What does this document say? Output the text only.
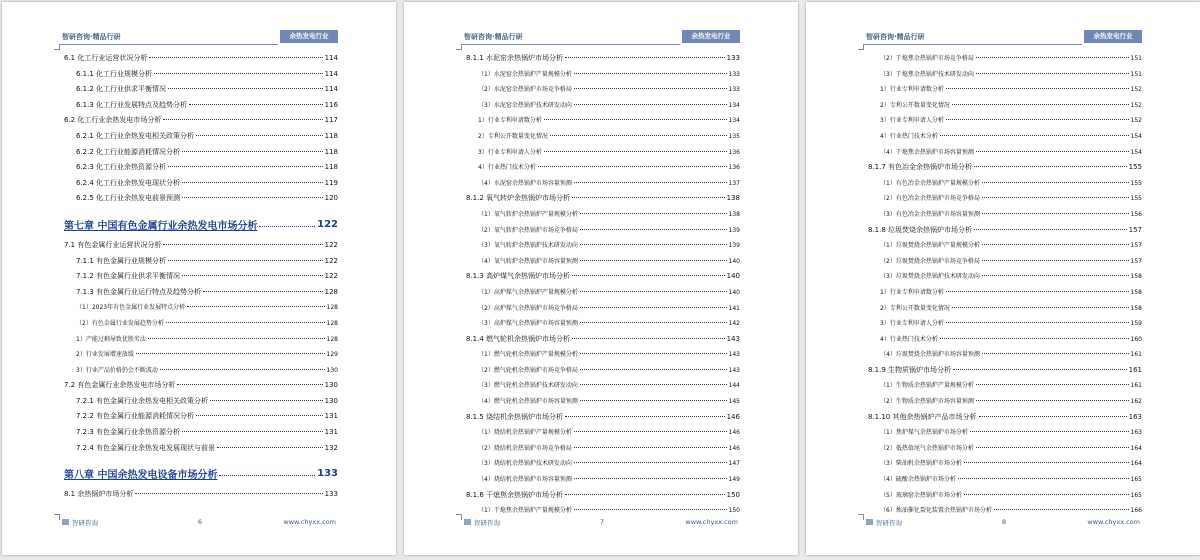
智研咨询·精品行研	余热发电行业
6.1 化工行业运营状况分析	114
6.1.1 化工行业规模分析	114
6.1.2 化工行业供求平衡情况	114
6.1.3 化工行业发展特点及趋势分析	116
6.2 化工行业余热发电市场分析	117
6.2.1 化工行业余热发电相关政策分析	118
6.2.2 化工行业能源消耗情况分析	118
6.2.3 化工行业余热资源分析	118
6.2.4 化工行业余热发电现状分析	119
6.2.5 化工行业余热发电前景预测	120
第七章 中国有色金属行业余热发电市场分析	122
7.1 有色金属行业运营状况分析	122
7.1.1 有色金属行业规模分析	122
7.1.2 有色金属行业供求平衡情况	122
7.1.3 有色金属行业运行特点及趋势分析	128
（1）2023年有色金属行业发展特点分析	128
（2）有色金属行业发展趋势分析	128
1）产能过剩导致优胜劣汰	128
2）行业发展增速放缓	129
3）行业产品价格仍会不断波动	130
7.2 有色金属行业余热发电市场分析	130
7.2.1 有色金属行业余热发电相关政策分析	130
7.2.2 有色金属行业能源消耗情况分析	131
7.2.3 有色金属行业余热资源分析	131
7.2.4 有色金属行业余热发电发展现状与前景	132
第八章 中国余热发电设备市场分析	133
8.1 余热锅炉市场分析	133
智研咨询	6	www.chyxx.com
智研咨询·精品行研	余热发电行业
8.1.1 水泥窑余热锅炉市场分析	133
（1）水泥窑余热锅炉产量规模分析	133
（2）水泥窑余热锅炉市场竞争格局	133
（3）水泥窑余热锅炉技术研发动向	134
1）行业专利申请数分析	134
2）专利公开数量变化情况	135
3）行业专利申请人分析	136
4）行业热门技术分析	136
（4）水泥窑余热锅炉市场容量预测	137
8.1.2 氧气转炉余热锅炉市场分析	138
（1）氧气转炉余热锅炉产量规模分析	138
（2）氧气转炉余热锅炉市场竞争格局	139
（3）氧气转炉余热锅炉技术研发动向	139
（4）氧气转炉余热锅炉市场容量预测	140
8.1.3 高炉煤气余热锅炉市场分析	140
（1）高炉煤气余热锅炉产量规模分析	140
（2）高炉煤气余热锅炉市场竞争格局	141
（3）高炉煤气余热锅炉市场容量预测	142
8.1.4 燃气轮机余热锅炉市场分析	143
（1）燃气轮机余热锅炉产量规模分析	143
（2）燃气轮机余热锅炉市场竞争格局	143
（3）燃气轮机余热锅炉技术研发动向	144
（4）燃气轮机余热锅炉市场容量预测	145
8.1.5 烧结机余热锅炉市场分析	146
（1）烧结机余热锅炉产量规模分析	146
（2）烧结机余热锅炉市场竞争格局	146
（3）烧结机余热锅炉技术研发动向	147
（4）烧结机余热锅炉市场容量预测	149
8.1.6 干熄焦余热锅炉市场分析	150
（1）干熄焦余热锅炉产量规模分析	150
智研咨询	7	www.chyxx.com
智研咨询·精品行研	余热发电行业
（2）干熄焦余热锅炉市场竞争格局	151
（3）干熄焦余热锅炉技术研发动向	151
1）行业专利申请数分析	152
2）专利公开数量变化情况	152
3）行业专利申请人分析	152
4）行业热门技术分析	154
（4）干熄焦余热锅炉市场容量预测	154
8.1.7 有色冶金余热锅炉市场分析	155
（1）有色冶金余热锅炉产量规模分析	155
（2）有色冶金余热锅炉市场竞争格局	155
（3）有色冶金余热锅炉市场容量预测	156
8.1.8 垃圾焚烧余热锅炉市场分析	157
（1）垃圾焚烧余热锅炉产量规模分析	157
（2）垃圾焚烧余热锅炉市场竞争格局	157
（3）垃圾焚烧余热锅炉技术研发动向	158
1）行业专利申请数分析	158
2）专利公开数量变化情况	158
3）行业专利申请人分析	159
4）行业热门技术分析	160
（4）垃圾焚烧余热锅炉市场容量预测	161
8.1.9 生物质锅炉市场分析	161
（1）生物质余热锅炉产量规模分析	161
（2）生物质余热锅炉市场容量预测	162
8.1.10 其他余热锅炉产品市场分析	163
（1）焦炉煤气余热锅炉市场分析	163
（2）低热值尾气余热锅炉市场分析	164
（3）柴油机余热锅炉市场分析	164
（4）硫酸余热锅炉市场分析	165
（5）玻璃窑余热锅炉市场分析	165
（6）炼油催化裂化装置余热锅炉市场分析	166
智研咨询	8	www.chyxx.com
